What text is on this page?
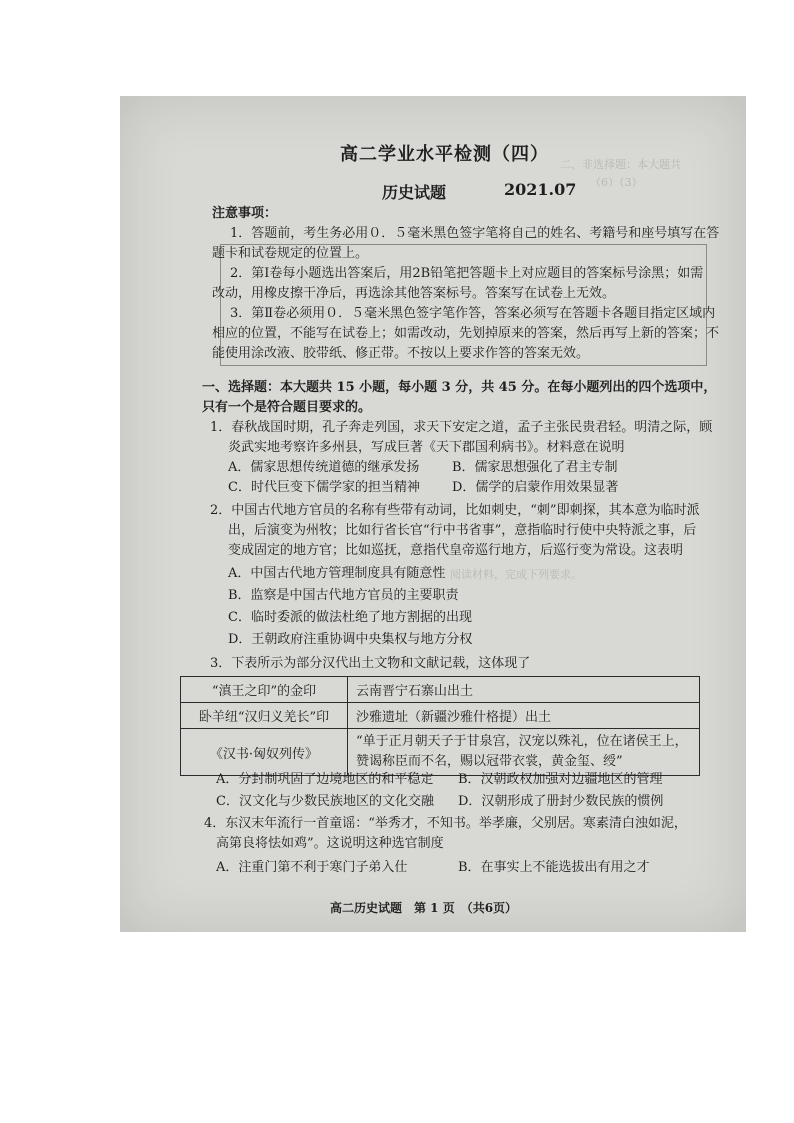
二、非选择题：本大题共
（6）（3）
阅读材料，完成下列要求。
高二学业水平检测（四）
历史试题	2021.07
注意事项：
1．答题前，考生务必用０．５毫米黑色签字笔将自己的姓名、考籍号和座号填写在答
题卡和试卷规定的位置上。
2．第Ⅰ卷每小题选出答案后，用2B铅笔把答题卡上对应题目的答案标号涂黑；如需
改动，用橡皮擦干净后，再选涂其他答案标号。答案写在试卷上无效。
3．第Ⅱ卷必须用０．５毫米黑色签字笔作答，答案必须写在答题卡各题目指定区域内
相应的位置，不能写在试卷上；如需改动，先划掉原来的答案，然后再写上新的答案；不
能使用涂改液、胶带纸、修正带。不按以上要求作答的答案无效。
一、选择题：本大题共 15 小题，每小题 3 分，共 45 分。在每小题列出的四个选项中，
只有一个是符合题目要求的。
1．春秋战国时期，孔子奔走列国，求天下安定之道，孟子主张民贵君轻。明清之际，顾
炎武实地考察许多州县，写成巨著《天下郡国利病书》。材料意在说明
A．儒家思想传统道德的继承发扬	B．儒家思想强化了君主专制
C．时代巨变下儒学家的担当精神 D．儒学的启蒙作用效果显著
2．中国古代地方官员的名称有些带有动词，比如刺史，“刺”即刺探，其本意为临时派
出，后演变为州牧；比如行省长官“行中书省事”，意指临时行使中央特派之事，后
变成固定的地方官；比如巡抚，意指代皇帝巡行地方，后巡行变为常设。这表明
A．中国古代地方管理制度具有随意性
B．监察是中国古代地方官员的主要职责
C．临时委派的做法杜绝了地方割据的出现
D．王朝政府注重协调中央集权与地方分权
3．下表所示为部分汉代出土文物和文献记载，这体现了
“滇王之印”的金印	云南晋宁石寨山出土
卧羊纽“汉归义羌长”印	沙雅遗址（新疆沙雅什格提）出土
《汉书·匈奴列传》	“单于正月朝天子于甘泉宫，汉宠以殊礼，位在诸侯王上，赞谒称臣而不名，赐以冠带衣裳，黄金玺、绶”
A．分封制巩固了边境地区的和平稳定 B．汉朝政权加强对边疆地区的管理
C．汉文化与少数民族地区的文化交融 D．汉朝形成了册封少数民族的惯例
4．东汉末年流行一首童谣：“举秀才，不知书。举孝廉，父别居。寒素清白浊如泥，
高第良将怯如鸡”。这说明这种选官制度
A．注重门第不利于寒门子弟入仕	B．在事实上不能选拔出有用之才
高二历史试题　第 1 页　（共6页）
